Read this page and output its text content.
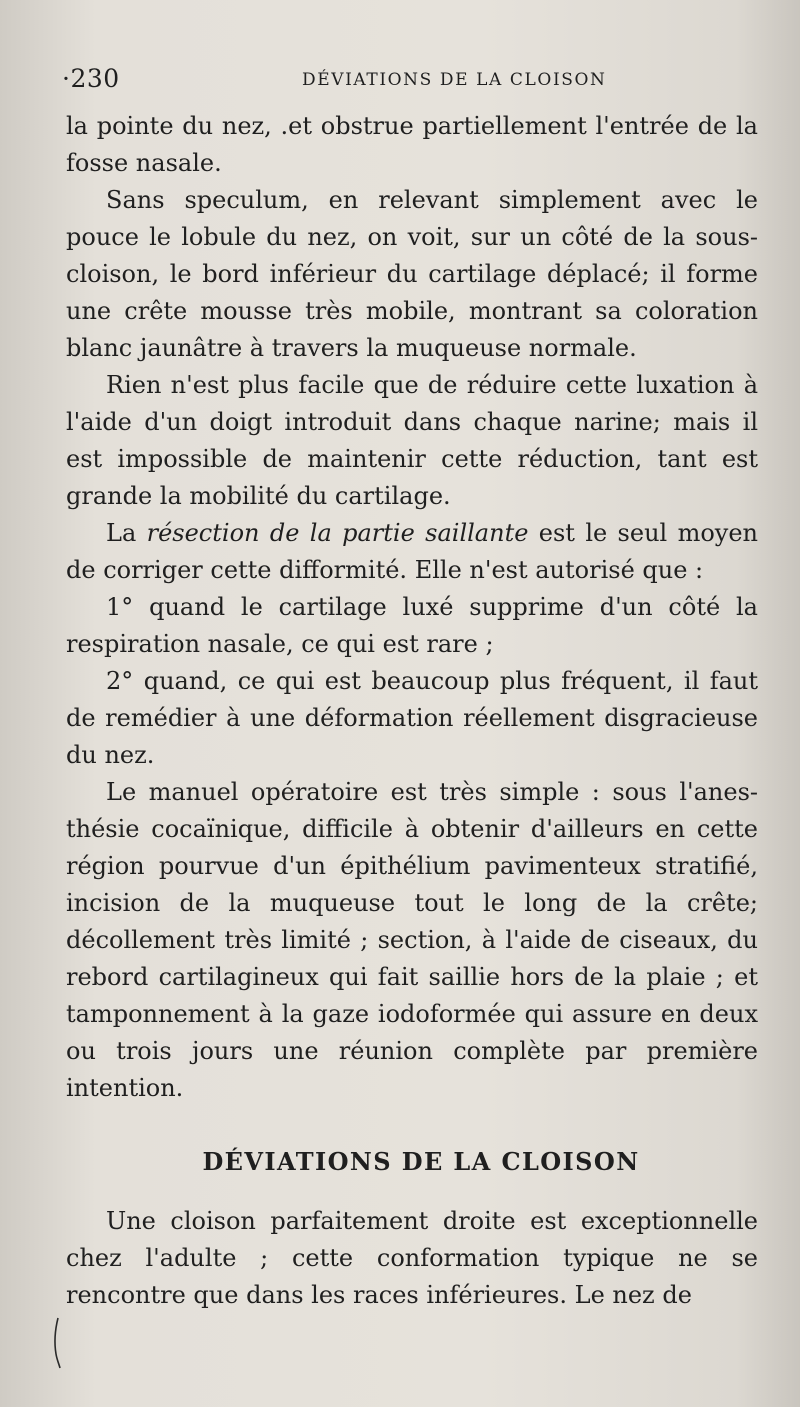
·230	DÉVIATIONS DE LA CLOISON

la pointe du nez, .et obstrue partiellement l'entrée de la fosse nasale.

Sans speculum, en relevant simplement avec le pouce le lobule du nez, on voit, sur un côté de la sous-cloison, le bord inférieur du cartilage déplacé; il forme une crête mousse très mobile, montrant sa coloration blanc jaunâtre à travers la muqueuse normale.

Rien n'est plus facile que de réduire cette luxation à l'aide d'un doigt introduit dans chaque narine; mais il est impossible de maintenir cette réduction, tant est grande la mobilité du cartilage.

La résection de la partie saillante est le seul moyen de corriger cette difformité. Elle n'est autorisé que :

1° quand le cartilage luxé supprime d'un côté la respiration nasale, ce qui est rare ;

2° quand, ce qui est beaucoup plus fréquent, il faut de remédier à une déformation réellement disgracieuse du nez.

Le manuel opératoire est très simple : sous l'anesthésie cocaïnique, difficile à obtenir d'ailleurs en cette région pourvue d'un épithélium pavimenteux stratifié, incision de la muqueuse tout le long de la crête; décollement très limité ; section, à l'aide de ciseaux, du rebord cartilagineux qui fait saillie hors de la plaie ; et tamponnement à la gaze iodoformée qui assure en deux ou trois jours une réunion complète par première intention.

DÉVIATIONS DE LA CLOISON

Une cloison parfaitement droite est exceptionnelle chez l'adulte ; cette conformation typique ne se rencontre que dans les races inférieures. Le nez de
